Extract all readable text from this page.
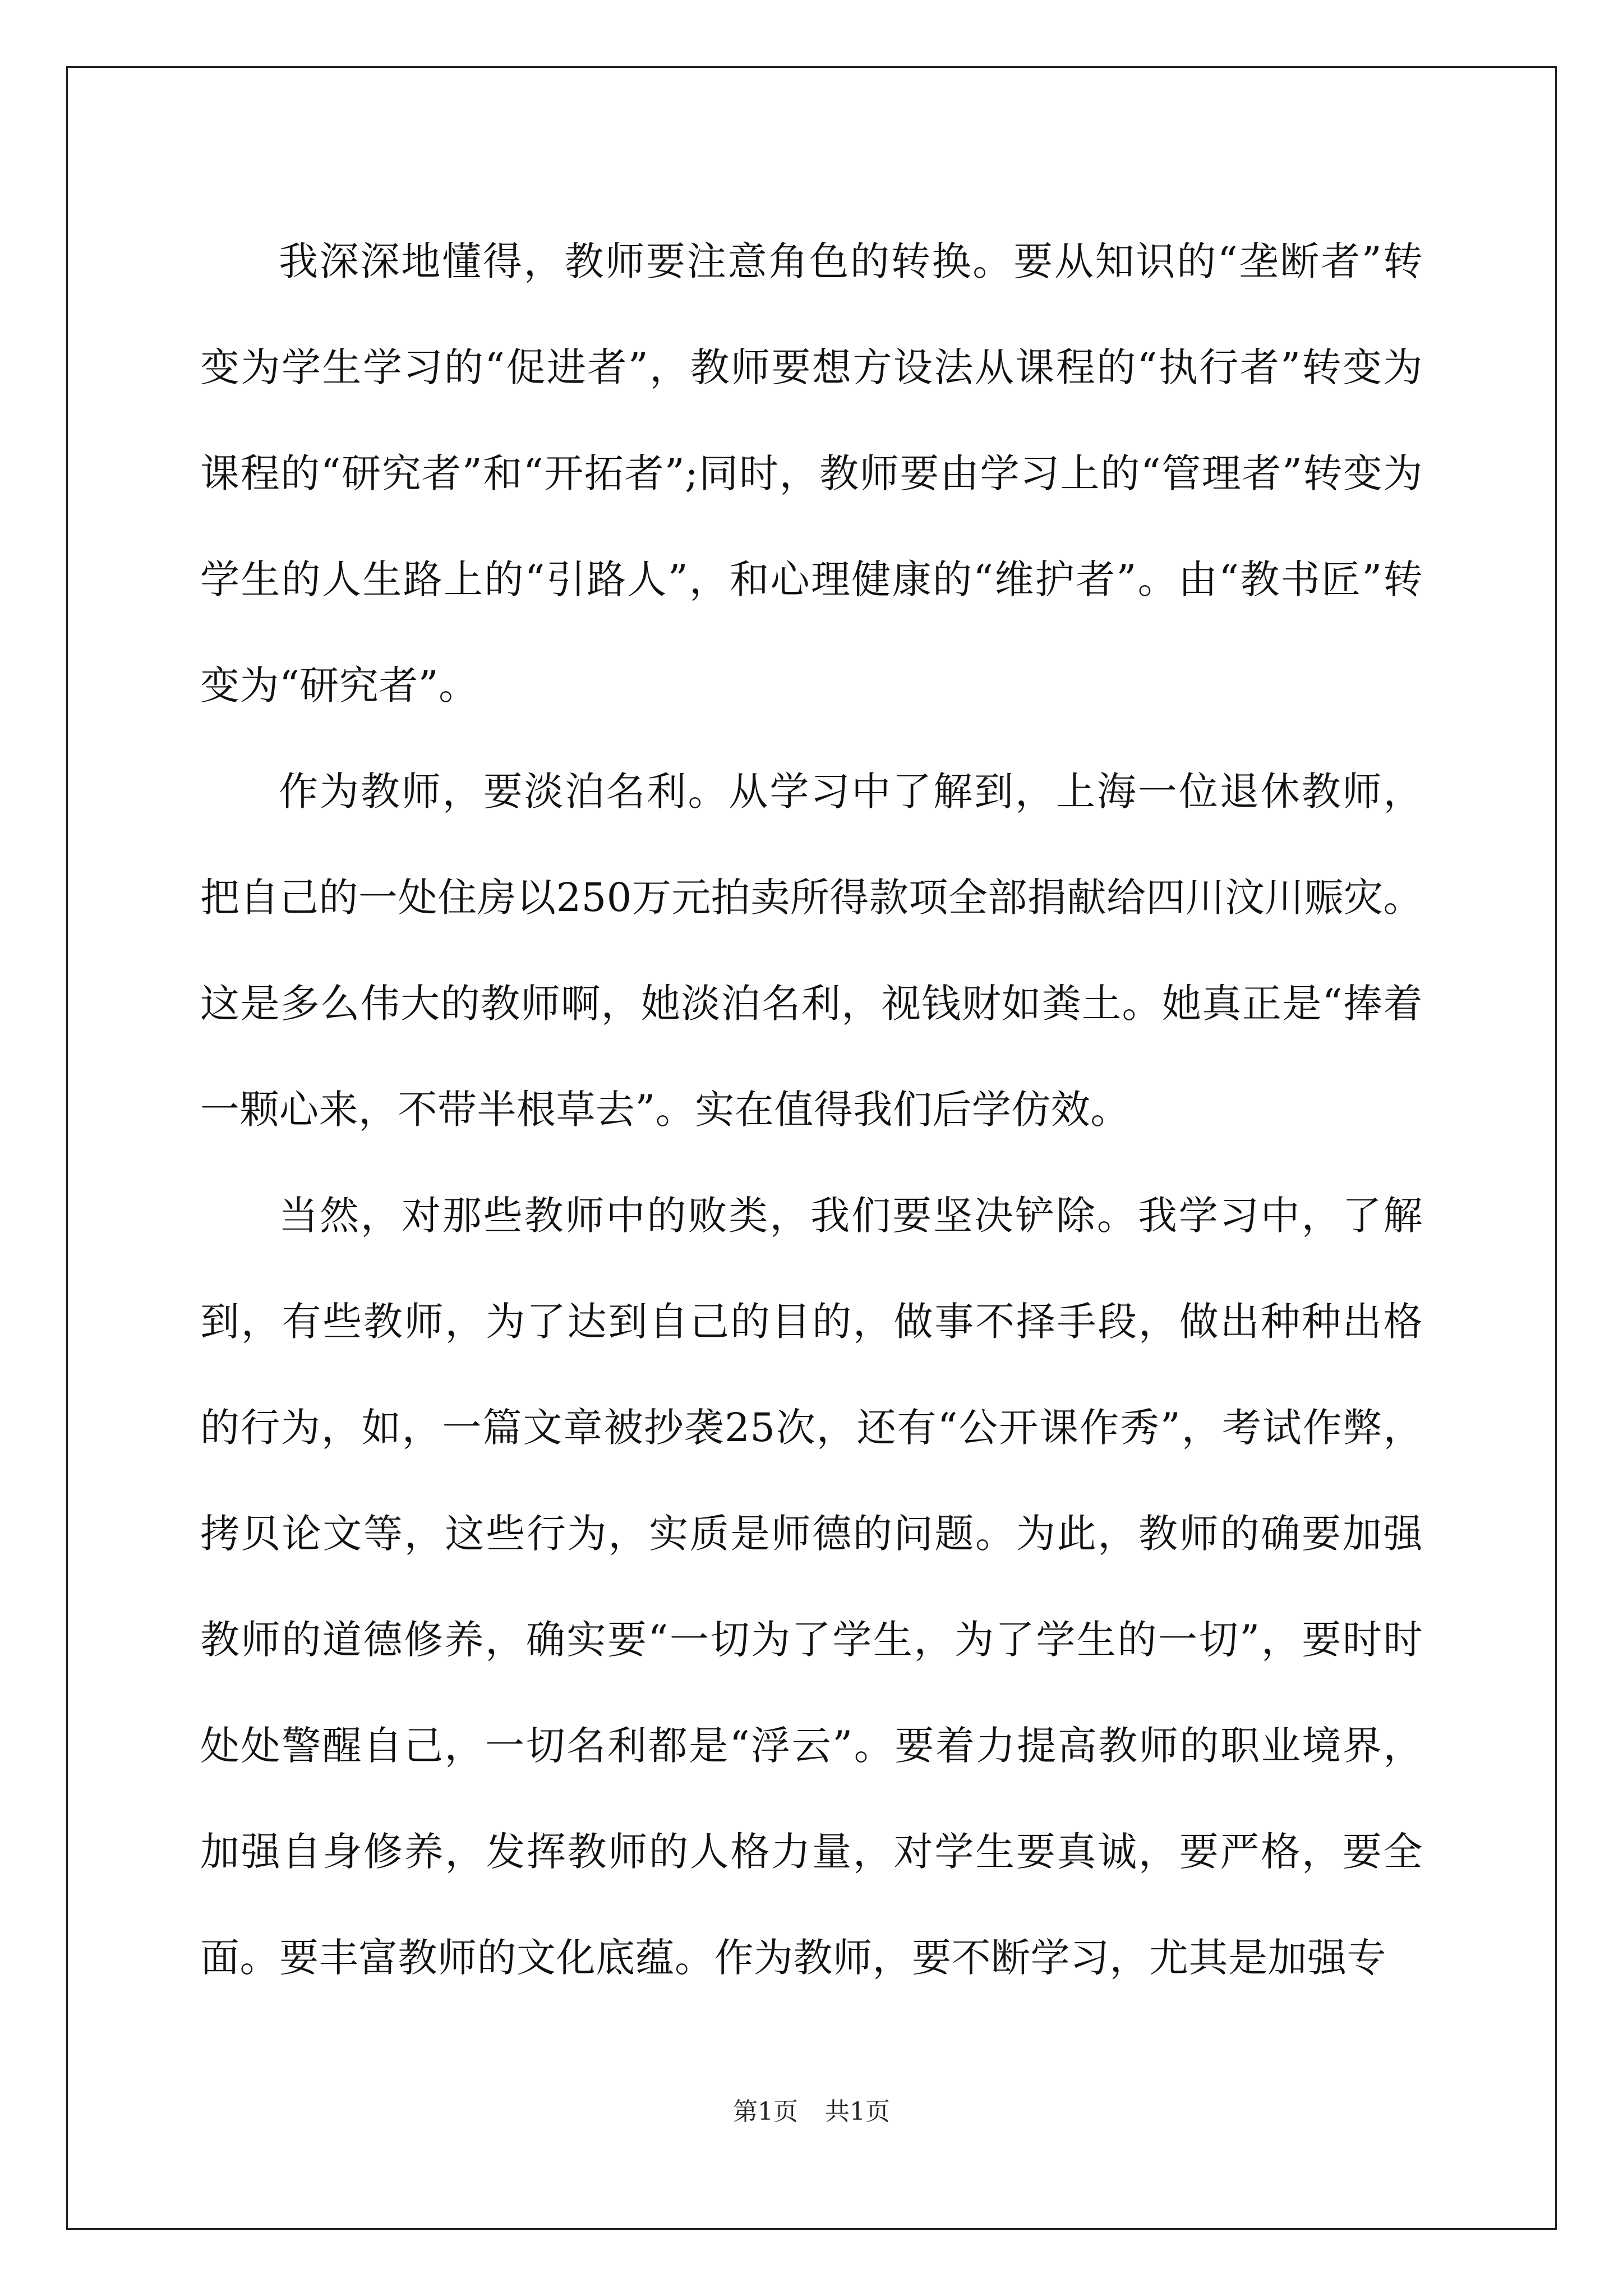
我深深地懂得，教师要注意角色的转换。要从知识的“垄断者”转变为学生学习的“促进者”，教师要想方设法从课程的“执行者”转变为课程的“研究者”和“开拓者”;同时，教师要由学习上的“管理者”转变为学生的人生路上的“引路人”，和心理健康的“维护者”。由“教书匠”转变为“研究者”。

作为教师，要淡泊名利。从学习中了解到，上海一位退休教师，把自己的一处住房以250万元拍卖所得款项全部捐献给四川汶川赈灾。这是多么伟大的教师啊，她淡泊名利，视钱财如粪土。她真正是“捧着一颗心来，不带半根草去”。实在值得我们后学仿效。

当然，对那些教师中的败类，我们要坚决铲除。我学习中，了解到，有些教师，为了达到自己的目的，做事不择手段，做出种种出格的行为，如，一篇文章被抄袭25次，还有“公开课作秀”，考试作弊，拷贝论文等，这些行为，实质是师德的问题。为此，教师的确要加强教师的道德修养，确实要“一切为了学生，为了学生的一切”，要时时处处警醒自己，一切名利都是“浮云”。要着力提高教师的职业境界，加强自身修养，发挥教师的人格力量，对学生要真诚，要严格，要全面。要丰富教师的文化底蕴。作为教师，要不断学习，尤其是加强专

第1页 共1页
